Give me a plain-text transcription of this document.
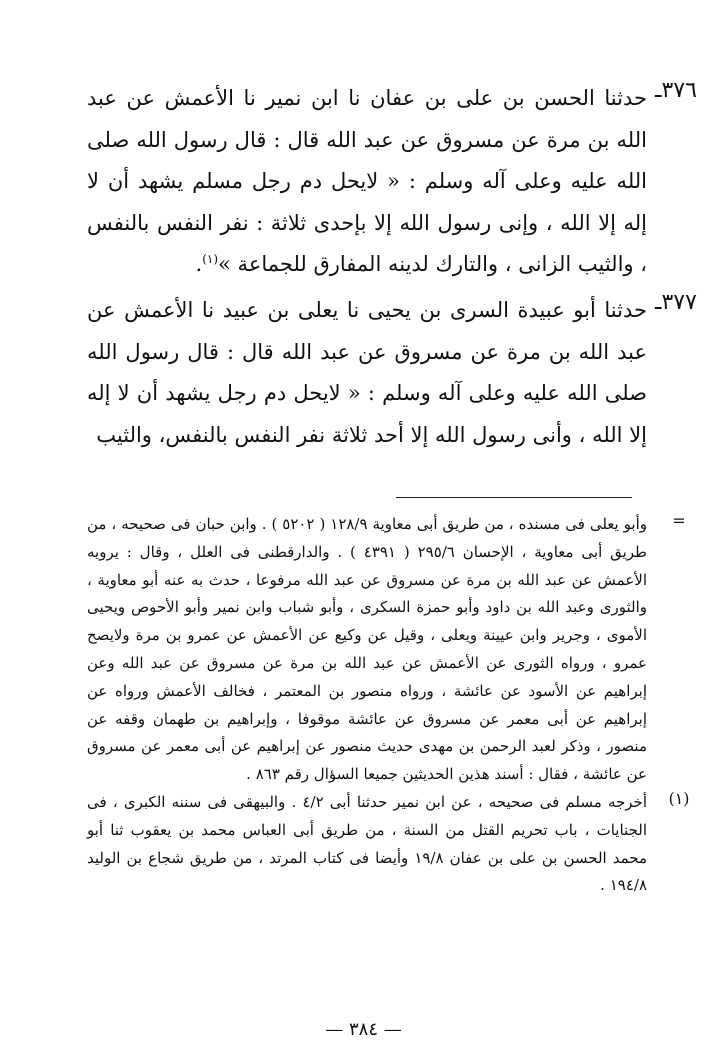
٣٧٦ـ

حدثنا الحسن بن على بن عفان نا ابن نمير نا الأعمش عن عبد الله بن مرة عن مسروق عن عبد الله قال : قال رسول الله صلى الله عليه وعلى آله وسلم : « لايحل دم رجل مسلم يشهد أن لا إله إلا الله ، وإنى رسول الله إلا بإحدى ثلاثة : نفر النفس بالنفس ، والثيب الزانى ، والتارك لدينه المفارق للجماعة »$^{(١)}$.

٣٧٧ـ

حدثنا أبو عبيدة السرى بن يحيى نا يعلى بن عبيد نا الأعمش عن عبد الله بن مرة عن مسروق عن عبد الله قال : قال رسول الله صلى الله عليه وعلى آله وسلم : « لايحل دم رجل يشهد أن لا إله إلا الله ، وأنى رسول الله إلا أحد ثلاثة نفر النفس بالنفس، والثيب

=

وأبو يعلى فى مسنده ، من طريق أبى معاوية ١٢٨/٩ ( ٥٢٠٢ ) . وابن حبان فى صحيحه ، من طريق أبى معاوية ، الإحسان ٢٩٥/٦ ( ٤٣٩١ ) . والدارقطنى فى العلل ، وقال : يرويه الأعمش عن عبد الله بن مرة عن مسروق عن عبد الله مرفوعا ، حدث به عنه أبو معاوية ، والثورى وعبد الله بن داود وأبو حمزة السكرى ، وأبو شباب وابن نمير وأبو الأحوص ويحيى الأموى ، وجرير وابن عيينة ويعلى ، وقيل عن وكيع عن الأعمش عن عمرو بن مرة ولايصح عمرو ، ورواه الثورى عن الأعمش عن عبد الله بن مرة عن مسروق عن عبد الله وعن إبراهيم عن الأسود عن عائشة ، ورواه منصور بن المعتمر ، فخالف الأعمش ورواه عن إبراهيم عن أبى معمر عن مسروق عن عائشة موقوفا ، وإبراهيم بن طهمان وقفه عن منصور ، وذكر لعبد الرحمن بن مهدى حديث منصور عن إبراهيم عن أبى معمر عن مسروق عن عائشة ، فقال : أسند هذين الحديثين جميعا السؤال رقم ٨٦٣ .

(١)

أخرجه مسلم فى صحيحه ، عن ابن نمير حدثنا أبى ٤/٢ . والبيهقى فى سننه الكبرى ، فى الجنايات ، باب تحريم القتل من السنة ، من طريق أبى العباس محمد بن يعقوب ثنا أبو محمد الحسن بن على بن عفان ١٩/٨ وأيضا فى كتاب المرتد ، من طريق شجاع بن الوليد ١٩٤/٨ .

— ٣٨٤ —
